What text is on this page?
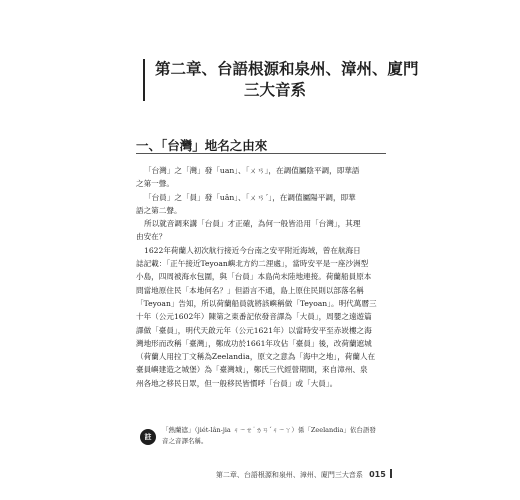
第二章、台語根源和泉州、漳州、廈門
三大音系
一、「台灣」地名之由來
「台灣」之「灣」發「uan」、「ㄨㄢ」，在調值屬陰平調，即華語
之第一聲。
「台員」之「員」發「uân」、「ㄨㄢˊ」，在調值屬陽平調，即華
語之第二聲。
所以就音調來講「台員」才正確，為何一般皆沿用「台灣」，其理
由安在？
1622年荷蘭人初次航行接近今台南之安平附近海域，曾在航海日
誌記載：「正午接近Teyoan嶼北方約二浬處」，當時安平是一座沙洲型
小島，四周被海水包圍，與「台員」本島尚未陸地連接。荷蘭船員原本
問當地原住民「本地何名？」但語言不通，島上原住民則以部落名稱
「Teyoan」告知，所以荷蘭船員就將該嶼稱做「Teyoan」。明代萬曆三
十年（公元1602年）陳第之東番記依發音譯為「大員」，周嬰之遠遊篇
譯做「臺員」，明代天啟元年（公元1621年）以當時安平至赤崁樓之海
灣地形而改稱「臺灣」，鄭成功於1661年攻佔「臺員」後，改荷蘭遮城
（荷蘭人用拉丁文稱為Zeelandia，原文之意為「海中之地」，荷蘭人在
臺員嶼建造之城堡）為「臺灣城」，鄭氏三代經營期間，來自漳州、泉
州各地之移民日眾，但一般移民皆慣呼「台員」或「大員」。
註
「熱蘭遮」（jiét-lân-jia ㄐㄧㄝ˙ㄌㄢˊㄐㄧㄚ）係「Zeelandia」依台語發
音之音譯名稱。
第二章、台語根源和泉州、漳州、廈門三大音系 015
